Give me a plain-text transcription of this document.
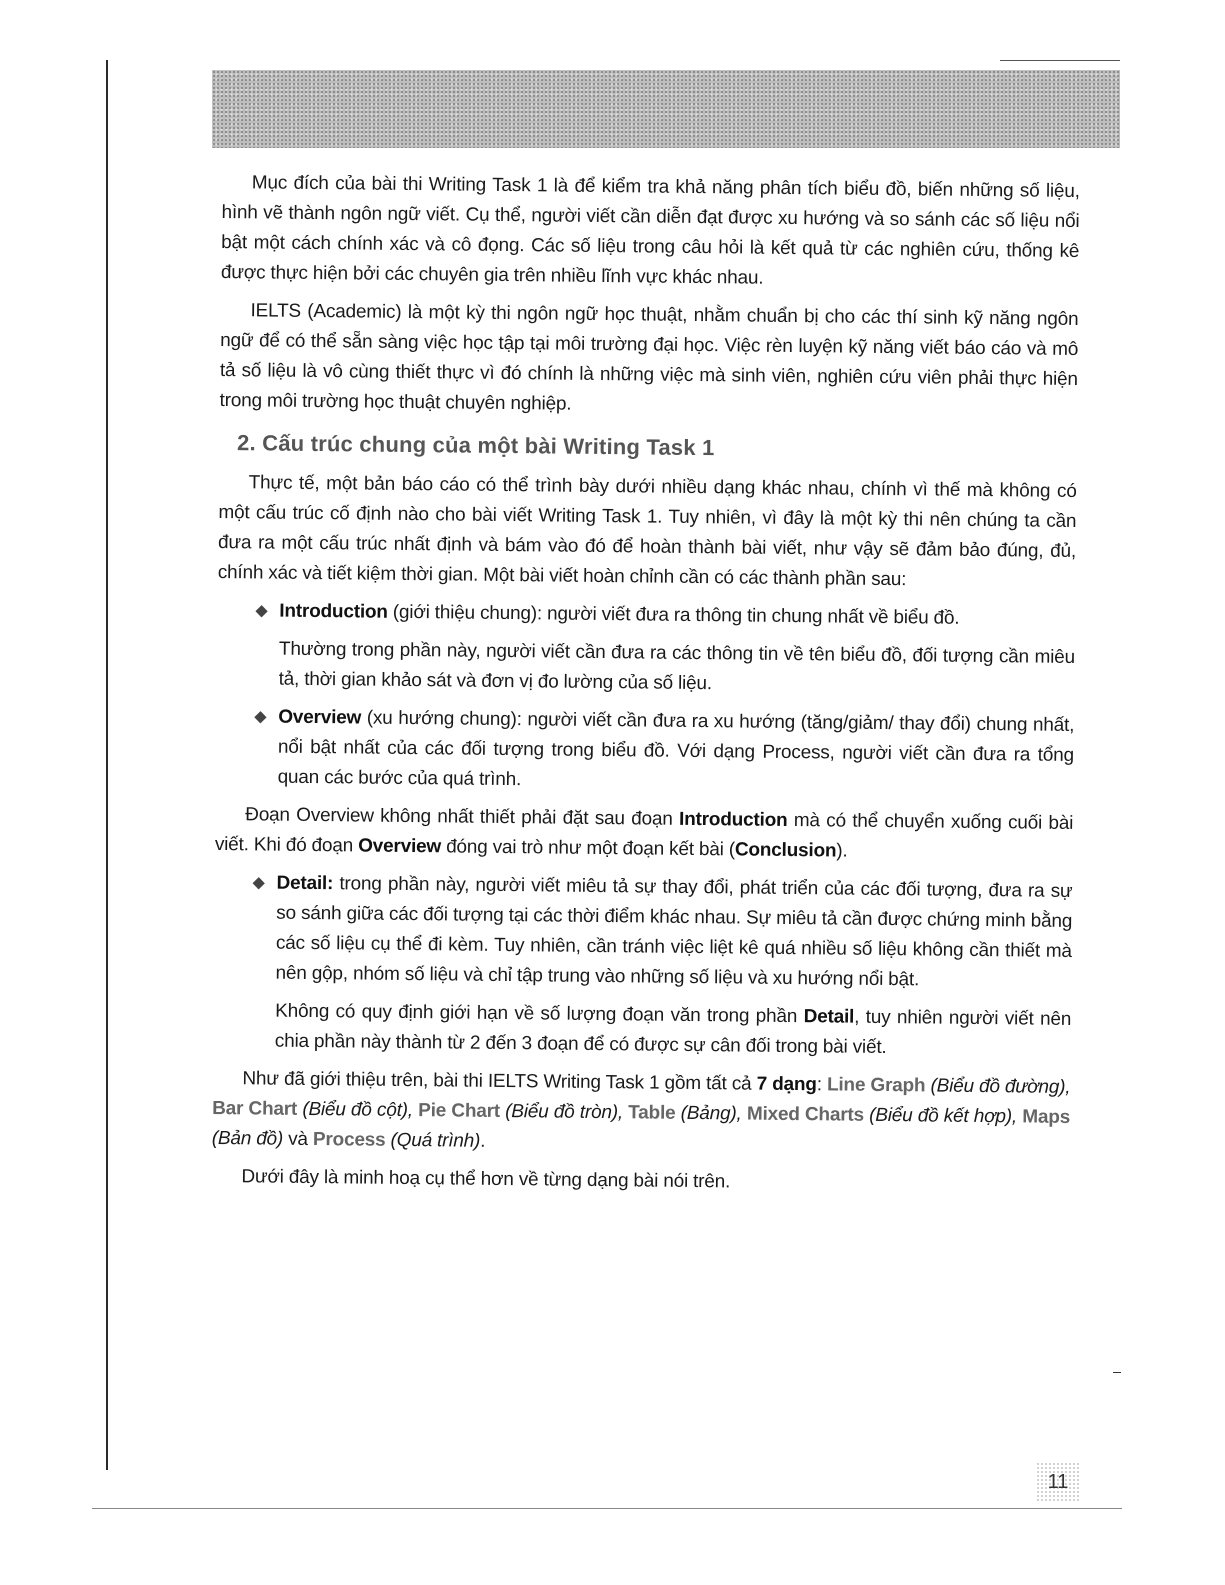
Mục đích của bài thi Writing Task 1 là để kiểm tra khả năng phân tích biểu đồ, biến những số liệu, hình vẽ thành ngôn ngữ viết. Cụ thể, người viết cần diễn đạt được xu hướng và so sánh các số liệu nổi bật một cách chính xác và cô đọng. Các số liệu trong câu hỏi là kết quả từ các nghiên cứu, thống kê được thực hiện bởi các chuyên gia trên nhiều lĩnh vực khác nhau.

IELTS (Academic) là một kỳ thi ngôn ngữ học thuật, nhằm chuẩn bị cho các thí sinh kỹ năng ngôn ngữ để có thể sẵn sàng việc học tập tại môi trường đại học. Việc rèn luyện kỹ năng viết báo cáo và mô tả số liệu là vô cùng thiết thực vì đó chính là những việc mà sinh viên, nghiên cứu viên phải thực hiện trong môi trường học thuật chuyên nghiệp.

2. Cấu trúc chung của một bài Writing Task 1

Thực tế, một bản báo cáo có thể trình bày dưới nhiều dạng khác nhau, chính vì thế mà không có một cấu trúc cố định nào cho bài viết Writing Task 1. Tuy nhiên, vì đây là một kỳ thi nên chúng ta cần đưa ra một cấu trúc nhất định và bám vào đó để hoàn thành bài viết, như vậy sẽ đảm bảo đúng, đủ, chính xác và tiết kiệm thời gian. Một bài viết hoàn chỉnh cần có các thành phần sau:

◆ Introduction (giới thiệu chung): người viết đưa ra thông tin chung nhất về biểu đồ.

Thường trong phần này, người viết cần đưa ra các thông tin về tên biểu đồ, đối tượng cần miêu tả, thời gian khảo sát và đơn vị đo lường của số liệu.

◆ Overview (xu hướng chung): người viết cần đưa ra xu hướng (tăng/giảm/ thay đổi) chung nhất, nổi bật nhất của các đối tượng trong biểu đồ. Với dạng Process, người viết cần đưa ra tổng quan các bước của quá trình.

Đoạn Overview không nhất thiết phải đặt sau đoạn Introduction mà có thể chuyển xuống cuối bài viết. Khi đó đoạn Overview đóng vai trò như một đoạn kết bài (Conclusion).

◆ Detail: trong phần này, người viết miêu tả sự thay đổi, phát triển của các đối tượng, đưa ra sự so sánh giữa các đối tượng tại các thời điểm khác nhau. Sự miêu tả cần được chứng minh bằng các số liệu cụ thể đi kèm. Tuy nhiên, cần tránh việc liệt kê quá nhiều số liệu không cần thiết mà nên gộp, nhóm số liệu và chỉ tập trung vào những số liệu và xu hướng nổi bật.

Không có quy định giới hạn về số lượng đoạn văn trong phần Detail, tuy nhiên người viết nên chia phần này thành từ 2 đến 3 đoạn để có được sự cân đối trong bài viết.

Như đã giới thiệu trên, bài thi IELTS Writing Task 1 gồm tất cả 7 dạng: Line Graph (Biểu đồ đường), Bar Chart (Biểu đồ cột), Pie Chart (Biểu đồ tròn), Table (Bảng), Mixed Charts (Biểu đồ kết hợp), Maps (Bản đồ) và Process (Quá trình).

Dưới đây là minh hoạ cụ thể hơn về từng dạng bài nói trên.

11
